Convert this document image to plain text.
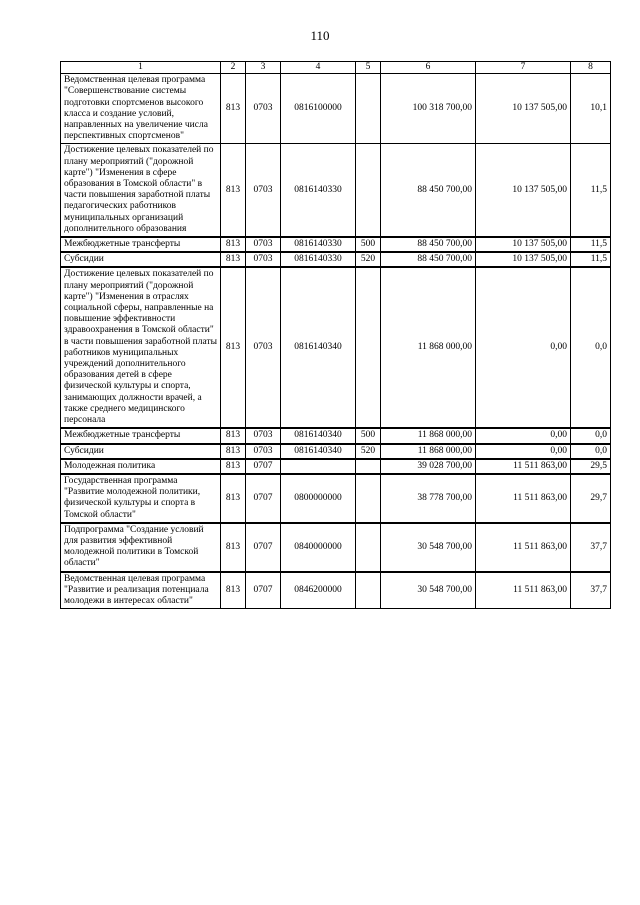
110
1	2	3	4	5	6	7	8
Ведомственная целевая программа "Совершенствование системы подготовки спортсменов высокого класса и создание условий, направленных на увеличение числа перспективных спортсменов"	813	0703	0816100000		100 318 700,00	10 137 505,00	10,1
Достижение целевых показателей по плану мероприятий ("дорожной карте") "Изменения в сфере образования в Томской области" в части повышения заработной платы педагогических работников муниципальных организаций дополнительного образования	813	0703	0816140330		88 450 700,00	10 137 505,00	11,5
Межбюджетные трансферты	813	0703	0816140330	500	88 450 700,00	10 137 505,00	11,5
Субсидии	813	0703	0816140330	520	88 450 700,00	10 137 505,00	11,5
Достижение целевых показателей по плану мероприятий ("дорожной карте") "Изменения в отраслях социальной сферы, направленные на повышение эффективности здравоохранения в Томской области" в части повышения заработной платы работников муниципальных учреждений дополнительного образования детей в сфере физической культуры и спорта, занимающих должности врачей, а также среднего медицинского персонала	813	0703	0816140340		11 868 000,00	0,00	0,0
Межбюджетные трансферты	813	0703	0816140340	500	11 868 000,00	0,00	0,0
Субсидии	813	0703	0816140340	520	11 868 000,00	0,00	0,0
Молодежная политика	813	0707			39 028 700,00	11 511 863,00	29,5
Государственная программа "Развитие молодежной политики, физической культуры и спорта в Томской области"	813	0707	0800000000		38 778 700,00	11 511 863,00	29,7
Подпрограмма "Создание условий для развития эффективной молодежной политики в Томской области"	813	0707	0840000000		30 548 700,00	11 511 863,00	37,7
Ведомственная целевая программа "Развитие и реализация потенциала молодежи в интересах области"	813	0707	0846200000		30 548 700,00	11 511 863,00	37,7
